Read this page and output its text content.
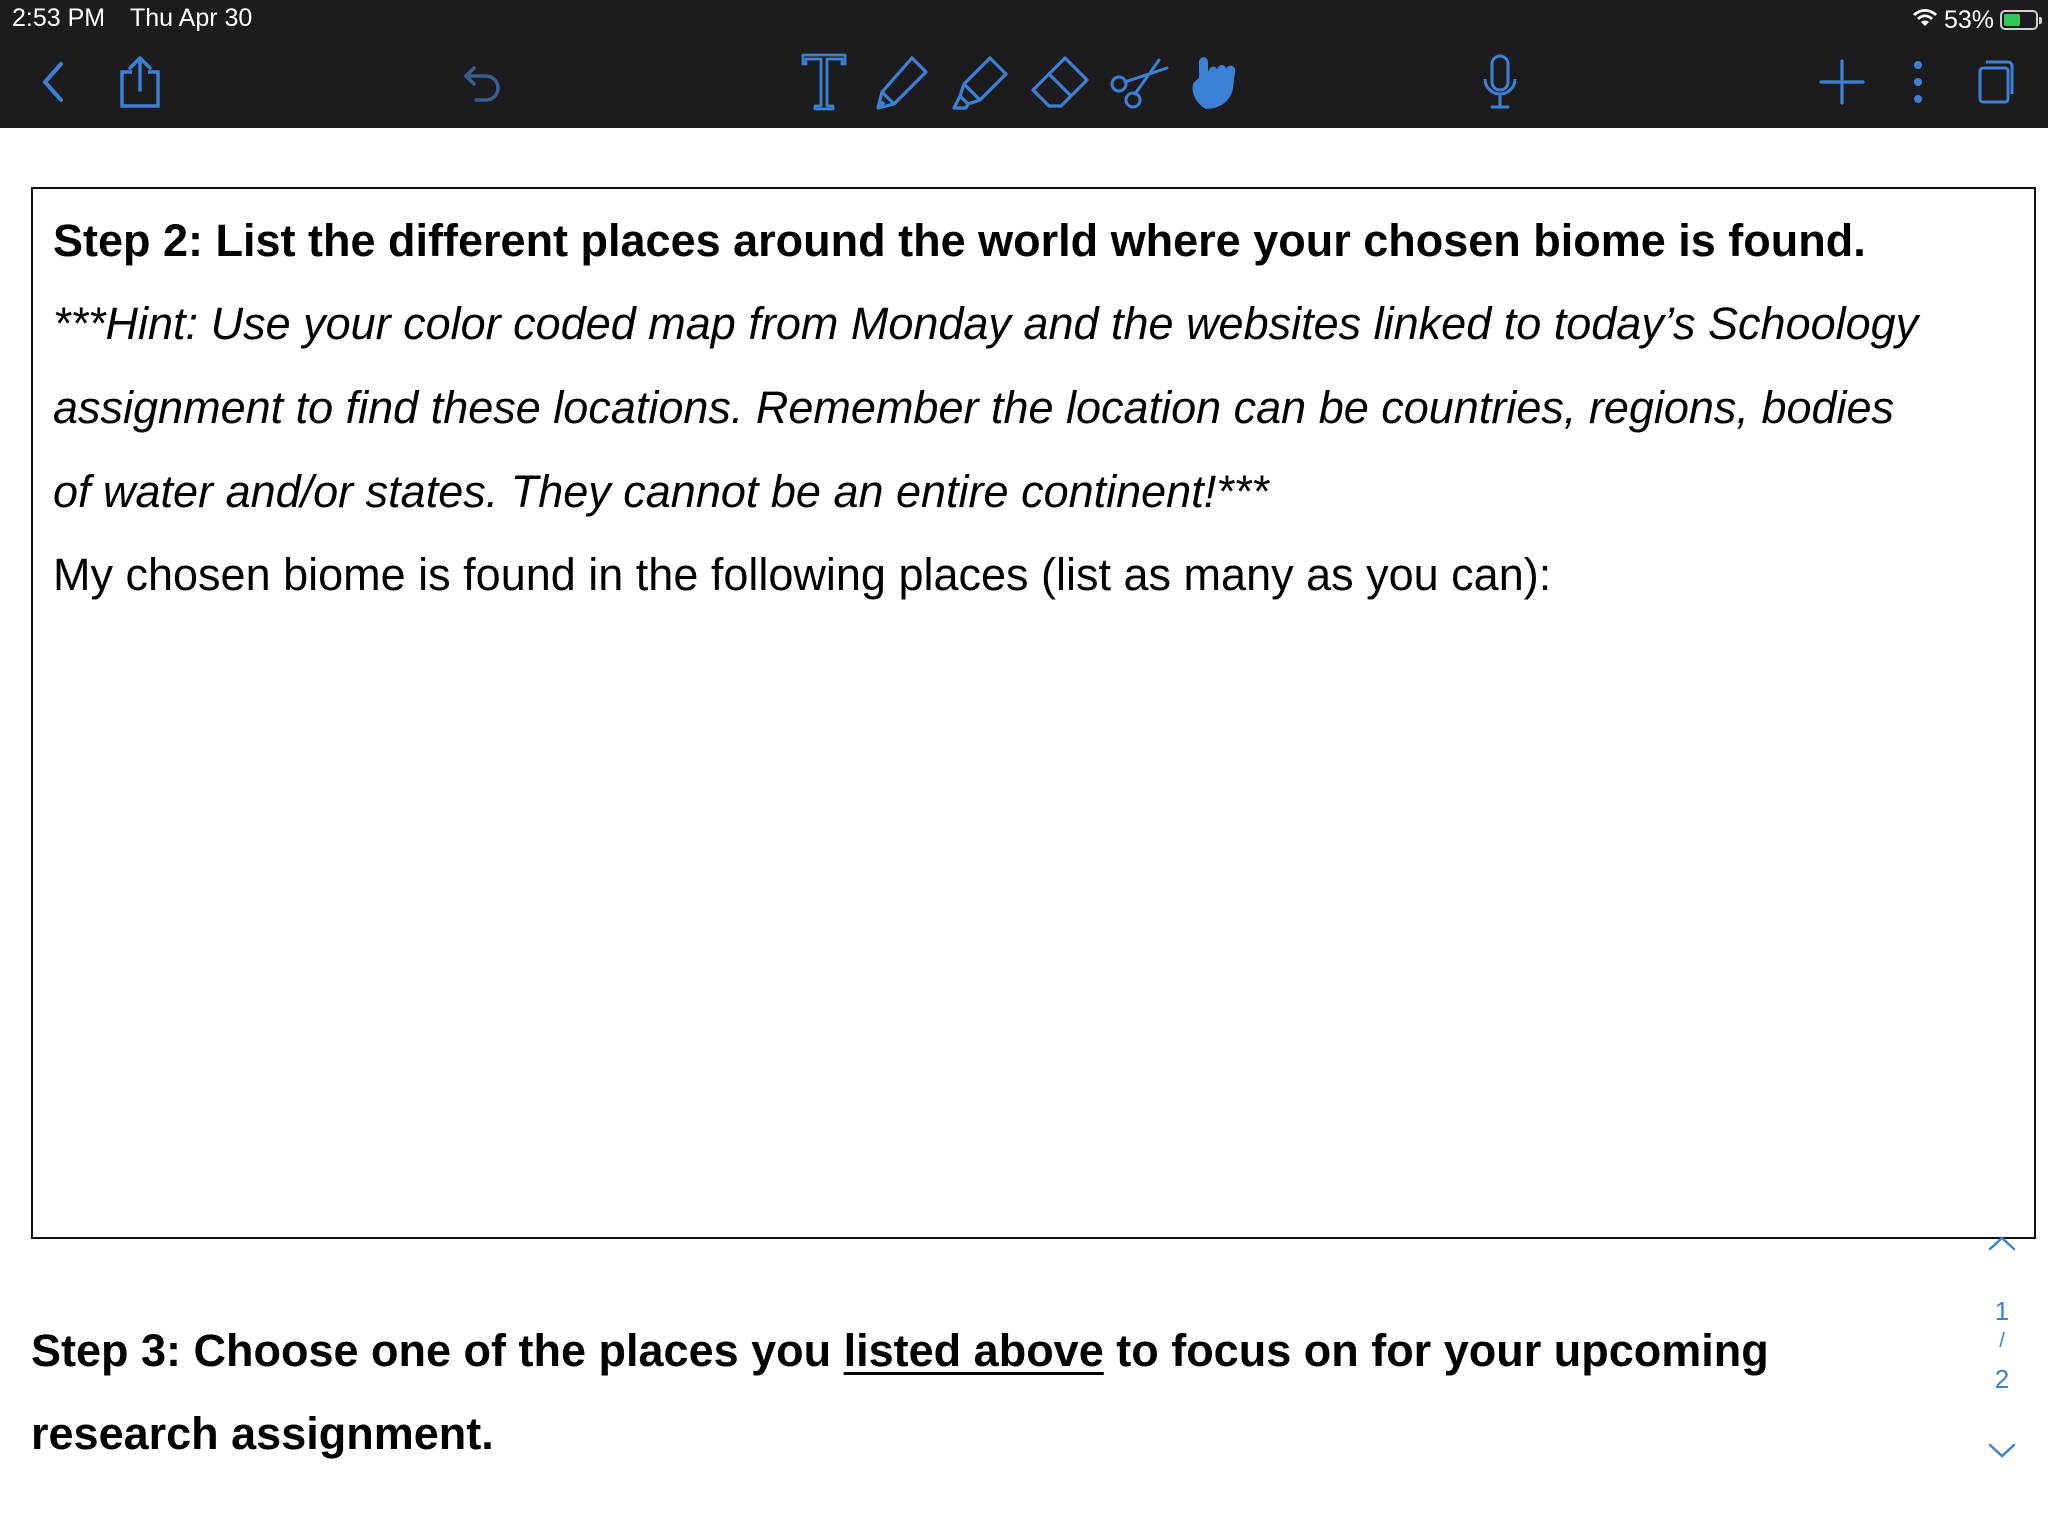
2:53 PM Thu Apr 30	53%
Step 2: List the different places around the world where your chosen biome is found.
***Hint: Use your color coded map from Monday and the websites linked to today’s Schoology
assignment to find these locations. Remember the location can be countries, regions, bodies
of water and/or states. They cannot be an entire continent!***
My chosen biome is found in the following places (list as many as you can):
Step 3: Choose one of the places you listed above to focus on for your upcoming
research assignment.
1
/
2
